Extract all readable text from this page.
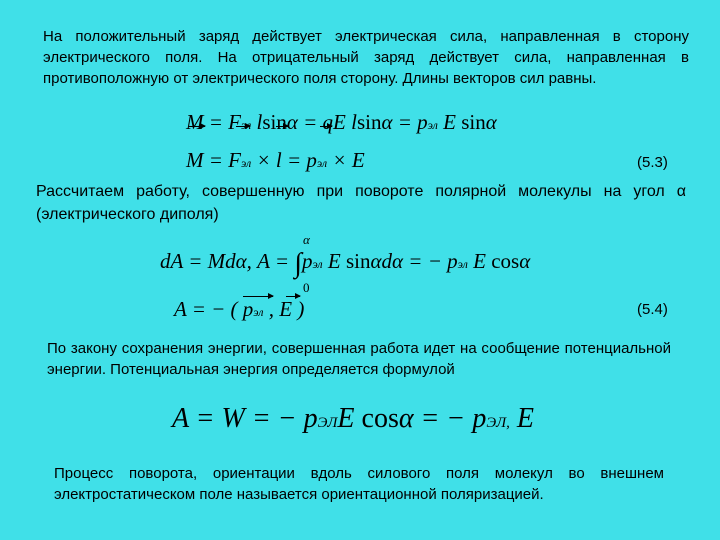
На положительный заряд действует электрическая сила, направленная в сторону электрического поля. На отрицательный заряд действует сила, направленная в противоположную от электрического поля сторону. Длины векторов сил равны.
M = Fэл lsinα = qE lsinα = pэл E sinα
M = Fэл × l = pэл × E	(5.3)
Рассчитаем работу, совершенную при повороте полярной молекулы на угол α (электрического диполя)
α
dA = Mdα, A = ∫pэл E sinαdα = − pэл E cosα
0
A = − ( pэл , E )	(5.4)
По закону сохранения энергии, совершенная работа идет на сообщение потенциальной энергии. Потенциальная энергия определяется формулой
A = W = − pЭЛE cosα = − pЭЛ, E
Процесс поворота, ориентации вдоль силового поля молекул во внешнем электростатическом поле называется ориентационной поляризацией.
